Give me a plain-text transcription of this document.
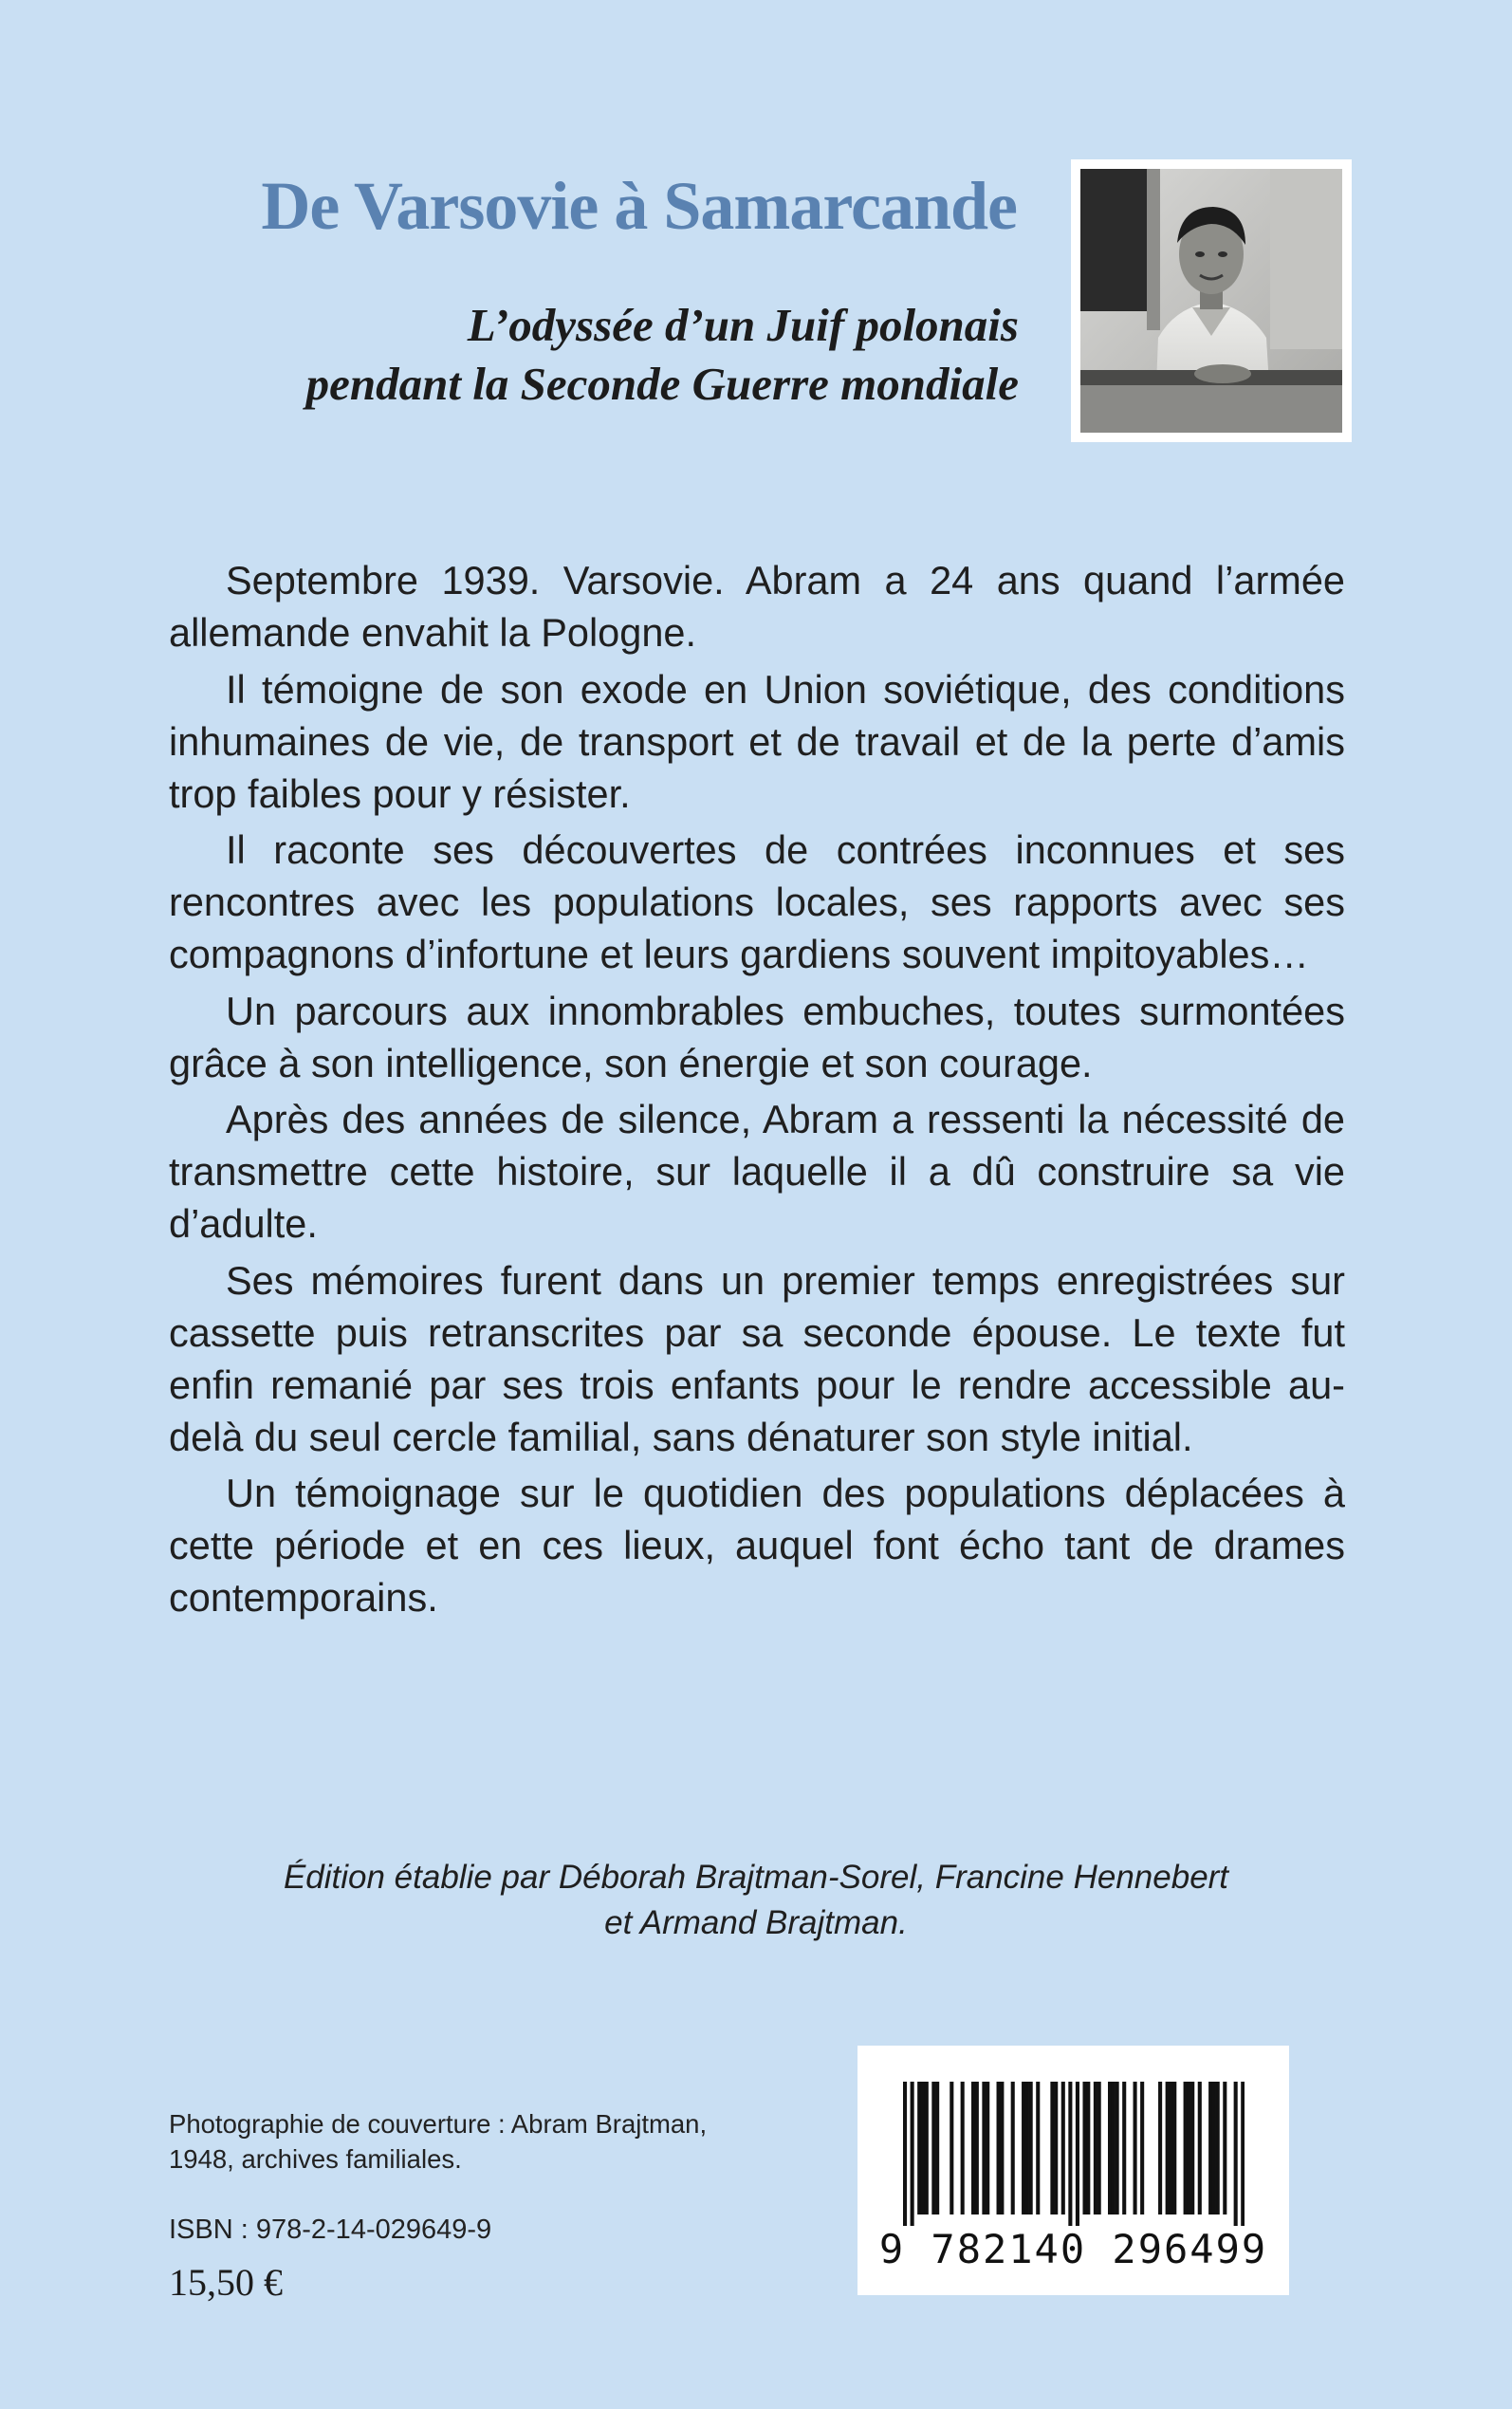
De Varsovie à Samarcande
L’odyssée d’un Juif polonais
pendant la Seconde Guerre mondiale

Septembre 1939. Varsovie. Abram a 24 ans quand l’armée allemande envahit la Pologne.

Il témoigne de son exode en Union soviétique, des conditions inhumaines de vie, de transport et de travail et de la perte d’amis trop faibles pour y résister.

Il raconte ses découvertes de contrées inconnues et ses rencontres avec les populations locales, ses rapports avec ses compagnons d’infortune et leurs gardiens souvent impitoyables…

Un parcours aux innombrables embuches, toutes surmontées grâce à son intelligence, son énergie et son courage.

Après des années de silence, Abram a ressenti la nécessité de transmettre cette histoire, sur laquelle il a dû construire sa vie d’adulte.

Ses mémoires furent dans un premier temps enregistrées sur cassette puis retranscrites par sa seconde épouse. Le texte fut enfin remanié par ses trois enfants pour le rendre accessible au-delà du seul cercle familial, sans dénaturer son style initial.

Un témoignage sur le quotidien des populations déplacées à cette période et en ces lieux, auquel font écho tant de drames contemporains.

Édition établie par Déborah Brajtman-Sorel, Francine Hennebert
et Armand Brajtman.
Photographie de couverture : Abram Brajtman,
1948, archives familiales.
ISBN : 978-2-14-029649-9
15,50 €
9 782140 296499
